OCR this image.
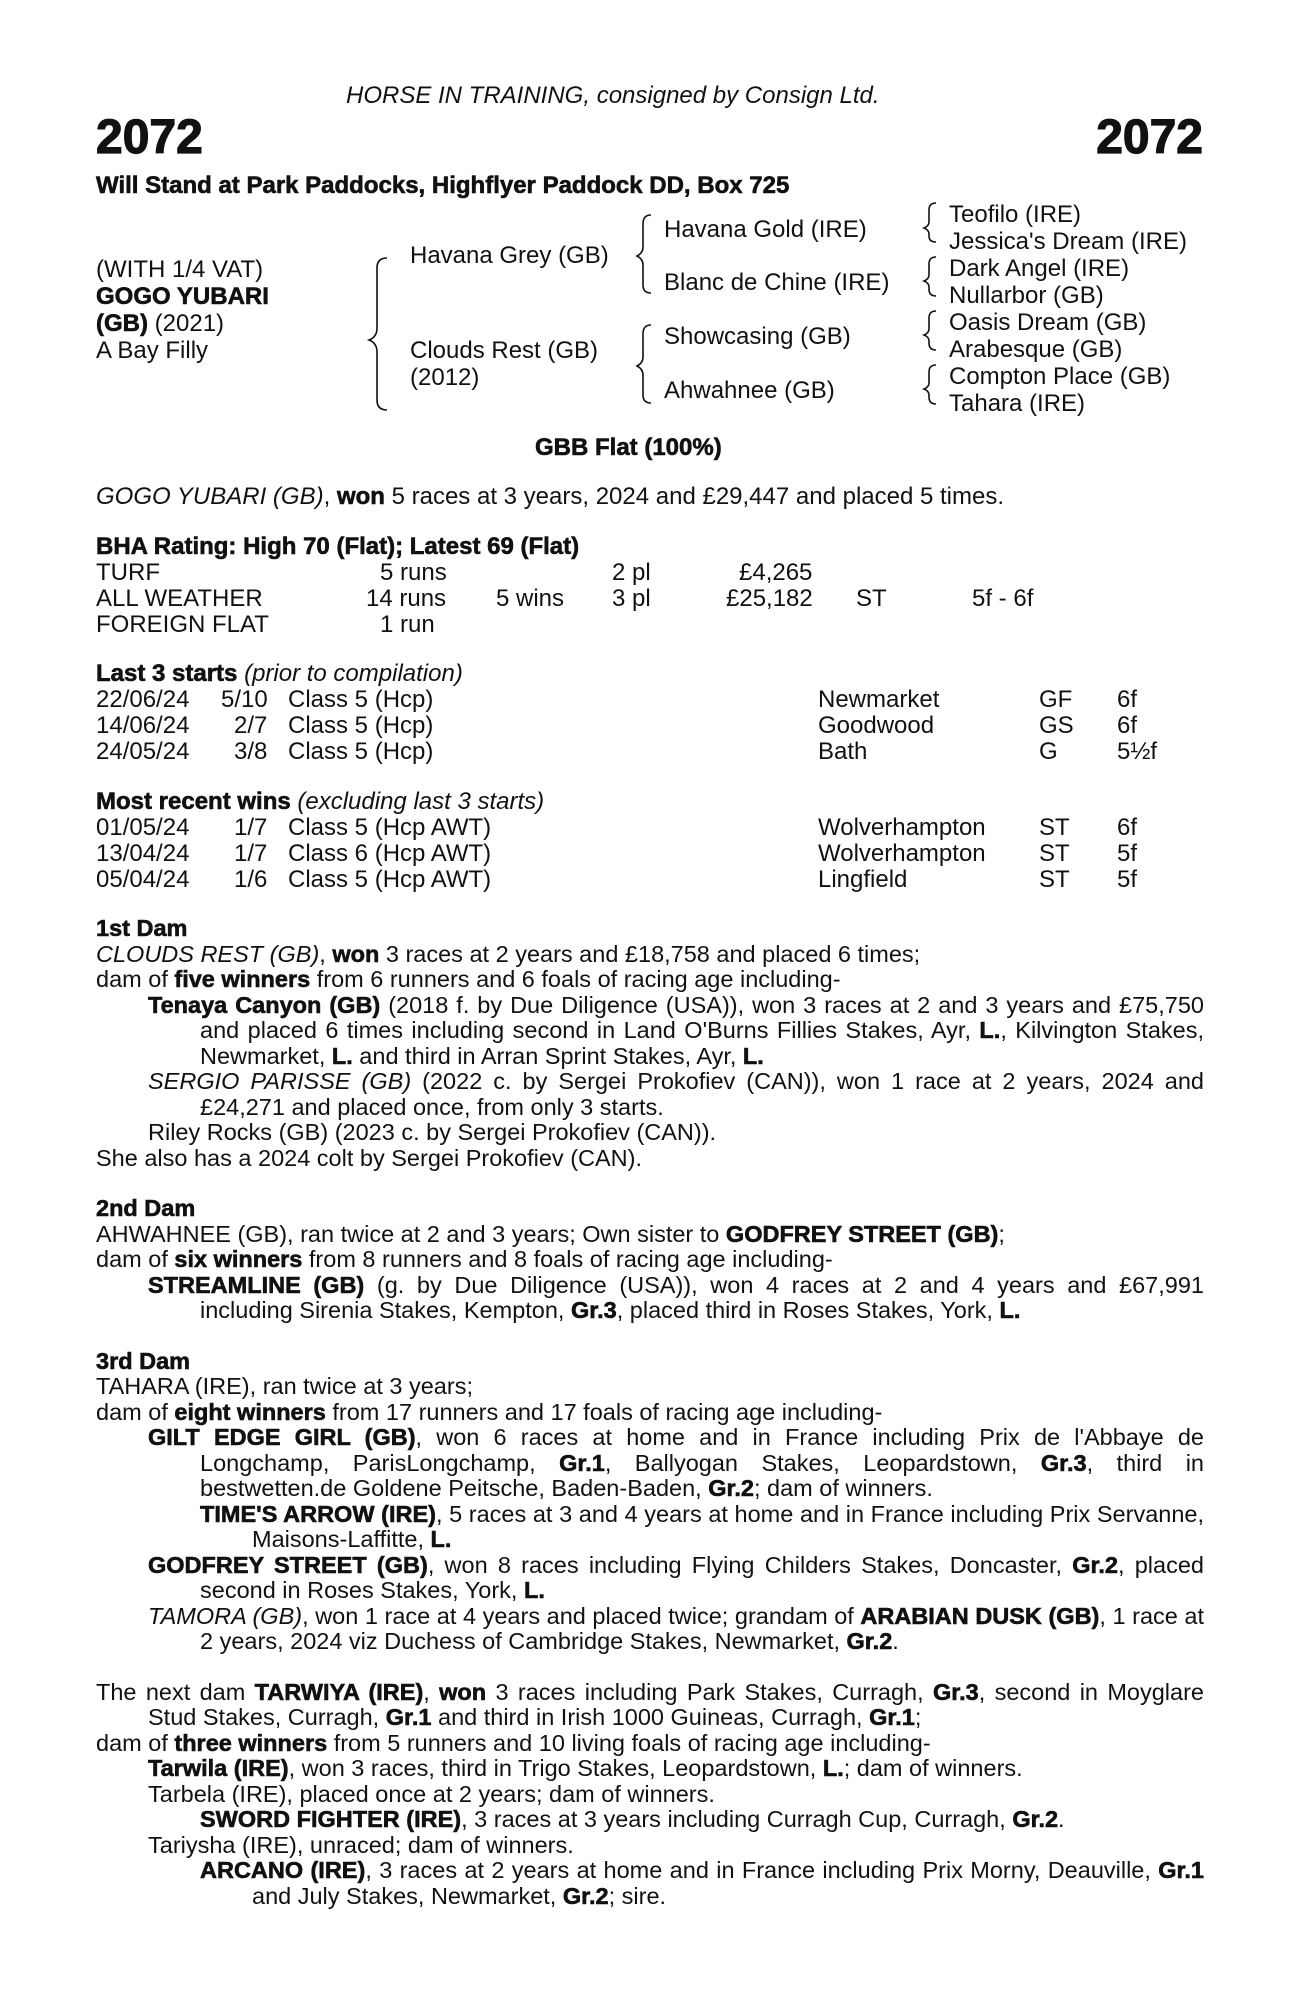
HORSE IN TRAINING, consigned by Consign Ltd.
2072	2072
Will Stand at Park Paddocks, Highflyer Paddock DD, Box 725
(WITH 1/4 VAT)
GOGO YUBARI
(GB) (2021)
A Bay Filly
Havana Grey (GB)
Clouds Rest (GB)
(2012)
Havana Gold (IRE)
Blanc de Chine (IRE)
Showcasing (GB)
Ahwahnee (GB)
Teofilo (IRE)
Jessica's Dream (IRE)
Dark Angel (IRE)
Nullarbor (GB)
Oasis Dream (GB)
Arabesque (GB)
Compton Place (GB)
Tahara (IRE)
GBB Flat (100%)
GOGO YUBARI (GB), won 5 races at 3 years, 2024 and £29,447 and placed 5 times.
BHA Rating: High 70 (Flat); Latest 69 (Flat)
TURF	5 runs	2 pl	£4,265
ALL WEATHER	14 runs 5 wins 3 pl	£25,182 ST	5f - 6f
FOREIGN FLAT	1 run
Last 3 starts (prior to compilation)
22/06/24 5/10 Class 5 (Hcp)	Newmarket	GF 6f
14/06/24 2/7 Class 5 (Hcp)	Goodwood	GS 6f
24/05/24 3/8 Class 5 (Hcp)	Bath	G 5½f
Most recent wins (excluding last 3 starts)
01/05/24 1/7 Class 5 (Hcp AWT)	Wolverhampton ST 6f
13/04/24 1/7 Class 6 (Hcp AWT)	Wolverhampton ST 5f
05/04/24 1/6 Class 5 (Hcp AWT)	Lingfield	ST 5f

1st Dam

CLOUDS REST (GB), won 3 races at 2 years and £18,758 and placed 6 times;

dam of five winners from 6 runners and 6 foals of racing age including-

Tenaya Canyon (GB) (2018 f. by Due Diligence (USA)), won 3 races at 2 and 3 years and £75,750 and placed 6 times including second in Land O'Burns Fillies Stakes, Ayr, L., Kilvington Stakes, Newmarket, L. and third in Arran Sprint Stakes, Ayr, L.

SERGIO PARISSE (GB) (2022 c. by Sergei Prokofiev (CAN)), won 1 race at 2 years, 2024 and £24,271 and placed once, from only 3 starts.

Riley Rocks (GB) (2023 c. by Sergei Prokofiev (CAN)).

She also has a 2024 colt by Sergei Prokofiev (CAN).

2nd Dam

AHWAHNEE (GB), ran twice at 2 and 3 years; Own sister to GODFREY STREET (GB);

dam of six winners from 8 runners and 8 foals of racing age including-

STREAMLINE (GB) (g. by Due Diligence (USA)), won 4 races at 2 and 4 years and £67,991 including Sirenia Stakes, Kempton, Gr.3, placed third in Roses Stakes, York, L.

3rd Dam

TAHARA (IRE), ran twice at 3 years;

dam of eight winners from 17 runners and 17 foals of racing age including-

GILT EDGE GIRL (GB), won 6 races at home and in France including Prix de l'Abbaye de Longchamp, ParisLongchamp, Gr.1, Ballyogan Stakes, Leopardstown, Gr.3, third in bestwetten.de Goldene Peitsche, Baden-Baden, Gr.2; dam of winners.

TIME'S ARROW (IRE), 5 races at 3 and 4 years at home and in France including Prix Servanne, Maisons-Laffitte, L.

GODFREY STREET (GB), won 8 races including Flying Childers Stakes, Doncaster, Gr.2, placed second in Roses Stakes, York, L.

TAMORA (GB), won 1 race at 4 years and placed twice; grandam of ARABIAN DUSK (GB), 1 race at 2 years, 2024 viz Duchess of Cambridge Stakes, Newmarket, Gr.2.

The next dam TARWIYA (IRE), won 3 races including Park Stakes, Curragh, Gr.3, second in Moyglare Stud Stakes, Curragh, Gr.1 and third in Irish 1000 Guineas, Curragh, Gr.1;

dam of three winners from 5 runners and 10 living foals of racing age including-

Tarwila (IRE), won 3 races, third in Trigo Stakes, Leopardstown, L.; dam of winners.

Tarbela (IRE), placed once at 2 years; dam of winners.

SWORD FIGHTER (IRE), 3 races at 3 years including Curragh Cup, Curragh, Gr.2.

Tariysha (IRE), unraced; dam of winners.

ARCANO (IRE), 3 races at 2 years at home and in France including Prix Morny, Deauville, Gr.1 and July Stakes, Newmarket, Gr.2; sire.
